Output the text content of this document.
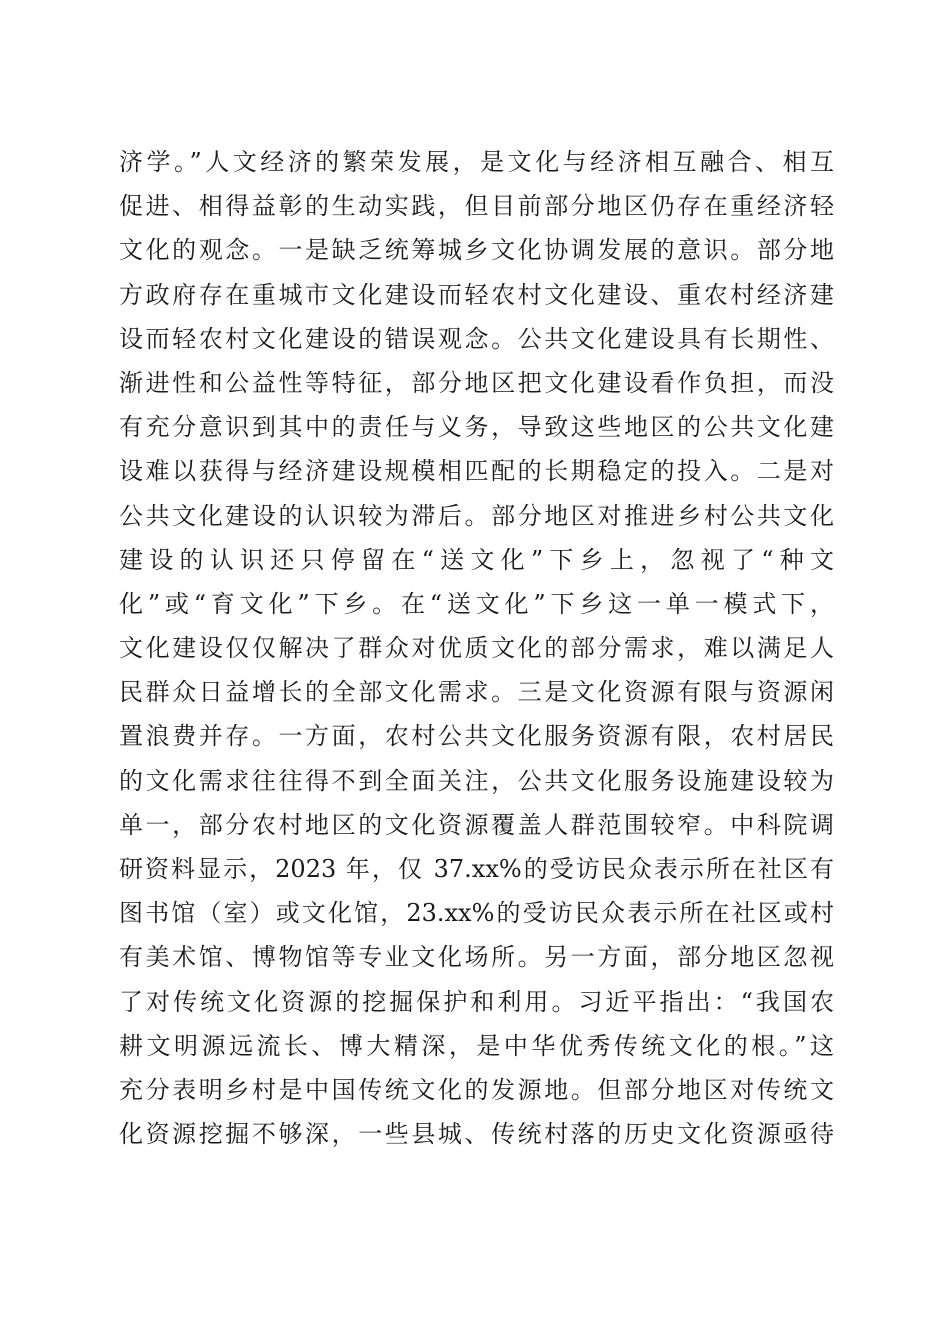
济学。”人文经济的繁荣发展，是文化与经济相互融合、相互
促进、相得益彰的生动实践，但目前部分地区仍存在重经济轻
文化的观念。一是缺乏统筹城乡文化协调发展的意识。部分地
方政府存在重城市文化建设而轻农村文化建设、重农村经济建
设而轻农村文化建设的错误观念。公共文化建设具有长期性、
渐进性和公益性等特征，部分地区把文化建设看作负担，而没
有充分意识到其中的责任与义务，导致这些地区的公共文化建
设难以获得与经济建设规模相匹配的长期稳定的投入。二是对
公共文化建设的认识较为滞后。部分地区对推进乡村公共文化
建设的认识还只停留在“送文化”下乡上，忽视了“种文
化”或“育文化”下乡。在“送文化”下乡这一单一模式下，
文化建设仅仅解决了群众对优质文化的部分需求，难以满足人
民群众日益增长的全部文化需求。三是文化资源有限与资源闲
置浪费并存。一方面，农村公共文化服务资源有限，农村居民
的文化需求往往得不到全面关注，公共文化服务设施建设较为
单一，部分农村地区的文化资源覆盖人群范围较窄。中科院调
研资料显示，2023 年，仅 37.xx%的受访民众表示所在社区有
图书馆（室）或文化馆，23.xx%的受访民众表示所在社区或村
有美术馆、博物馆等专业文化场所。另一方面，部分地区忽视
了对传统文化资源的挖掘保护和利用。习近平指出：“我国农
耕文明源远流长、博大精深，是中华优秀传统文化的根。”这
充分表明乡村是中国传统文化的发源地。但部分地区对传统文
化资源挖掘不够深，一些县城、传统村落的历史文化资源亟待
